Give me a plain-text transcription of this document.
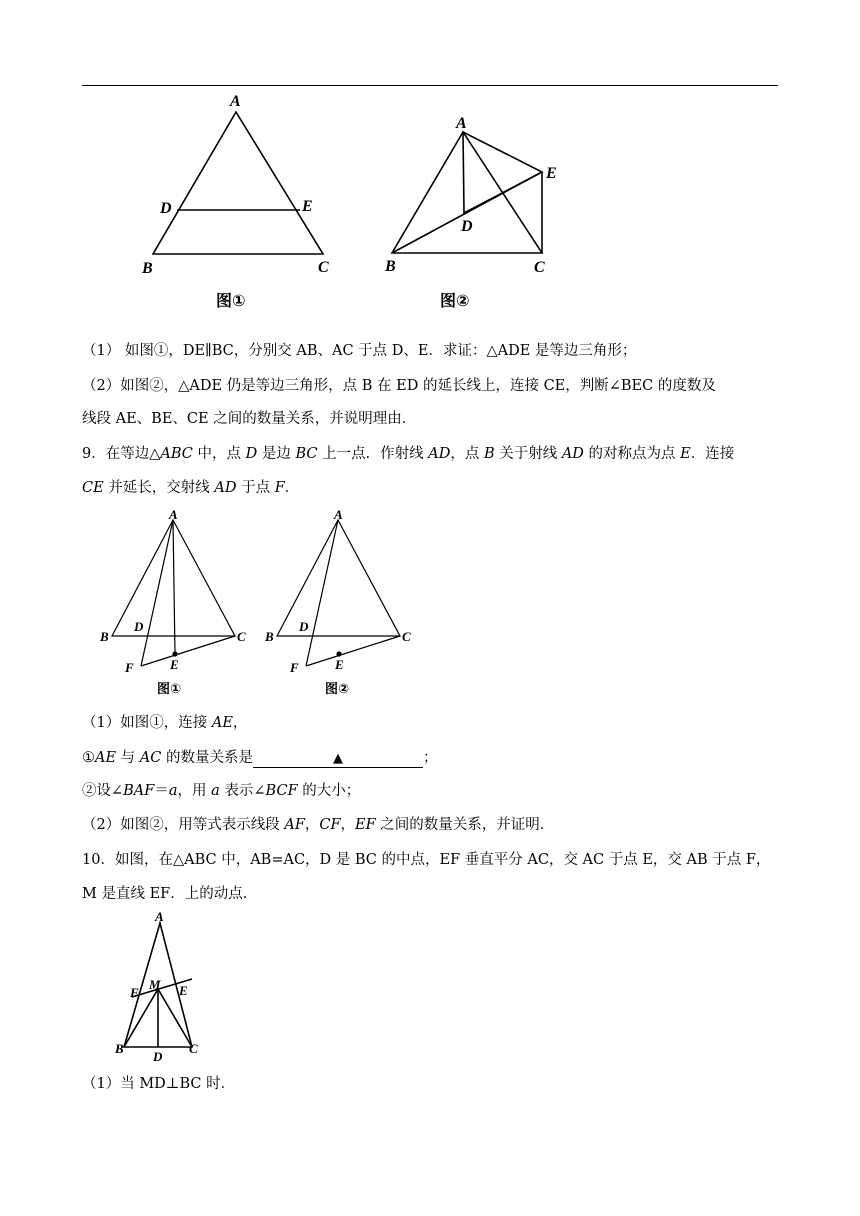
A
D	E
B	C
图①
A
E
D
B	C
图②
（1） 如图①，DE∥BC，分别交 AB、AC 于点 D、E．求证：△ADE 是等边三角形；
（2）如图②，△ADE 仍是等边三角形，点 B 在 ED 的延长线上，连接 CE，判断∠BEC 的度数及
线段 AE、BE、CE 之间的数量关系，并说明理由．
9．在等边△ABC 中，点 D 是边 BC 上一点．作射线 AD，点 B 关于射线 AD 的对称点为点 E．连接
CE 并延长，交射线 AD 于点 F．
A
B
D
C
F	E
图①
A
B
D
C
F	E
图②
（1）如图①，连接 AE，
①AE 与 AC 的数量关系是	▲	；
②设∠BAF＝a，用 a 表示∠BCF 的大小；
（2）如图②，用等式表示线段 AF，CF，EF 之间的数量关系，并证明．
10．如图，在△ABC 中，AB=AC，D 是 BC 的中点，EF 垂直平分 AC，交 AC 于点 E，交 AB 于点 F，
M 是直线 EF．上的动点．
A
F
M E
B
D
C
（1）当 MD⊥BC 时．
